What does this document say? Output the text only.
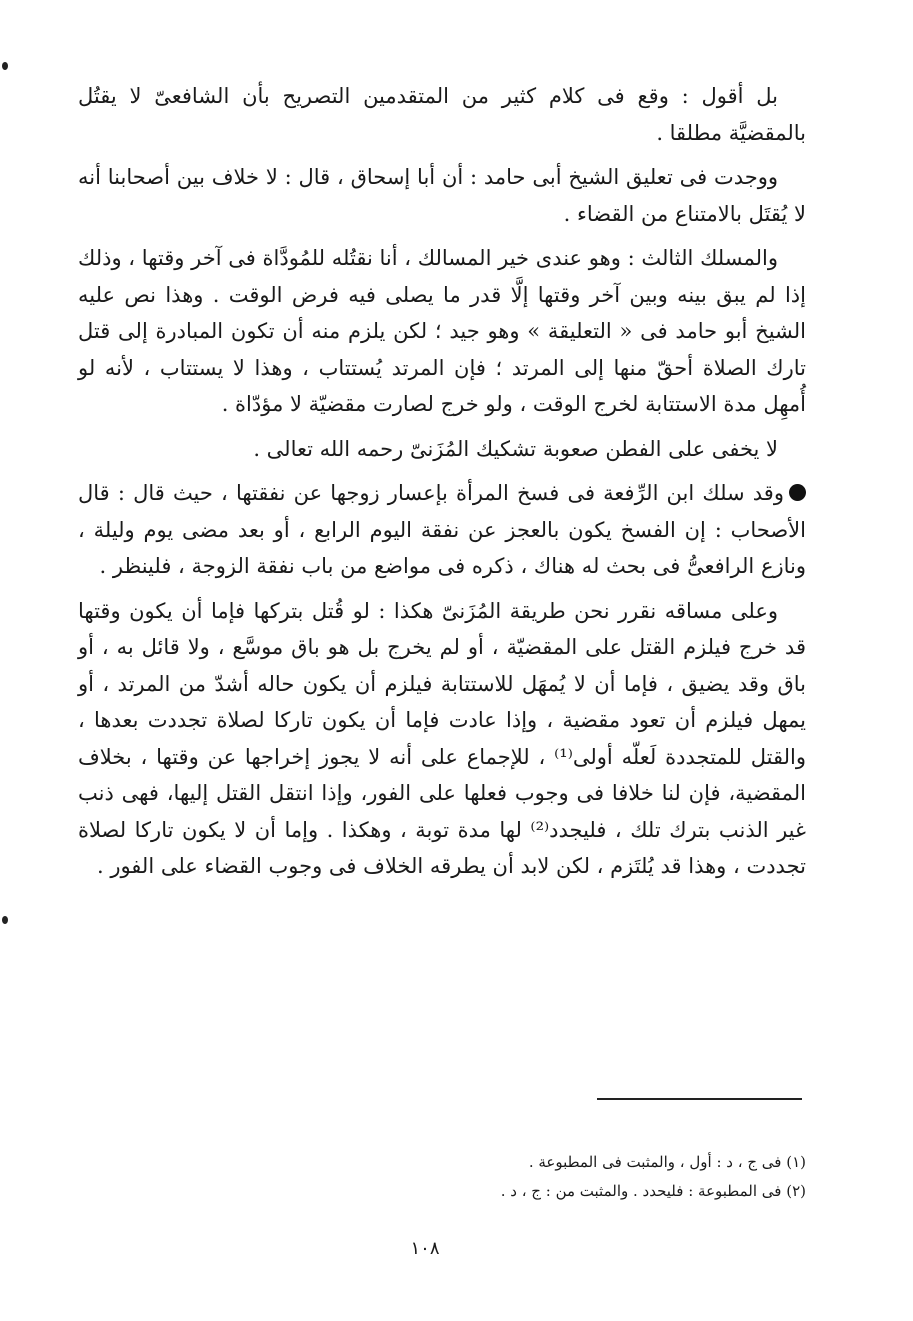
بل أقول : وقع فى كلام كثير من المتقدمين التصريح بأن الشافعىّ لا يقتُل بالمقضيَّة مطلقا .

ووجدت فى تعليق الشيخ أبى حامد : أن أبا إسحاق ، قال : لا خلاف بين أصحابنا أنه لا يُقتَل بالامتناع من القضاء .

والمسلك الثالث : وهو عندى خير المسالك ، أنا نقتُله للمُودَّاة فى آخر وقتها ، وذلك إذا لم يبق بينه وبين آخر وقتها إلَّا قدر ما يصلى فيه فرض الوقت . وهذا نص عليه الشيخ أبو حامد فى « التعليقة » وهو جيد ؛ لكن يلزم منه أن تكون المبادرة إلى قتل تارك الصلاة أحقّ منها إلى المرتد ؛ فإن المرتد يُستتاب ، وهذا لا يستتاب ، لأنه لو أُمهِل مدة الاستتابة لخرج الوقت ، ولو خرج لصارت مقضيّة لا مؤدّاة .

لا يخفى على الفطن صعوبة تشكيك المُزَنىّ رحمه الله تعالى .

وقد سلك ابن الرِّفعة فى فسخ المرأة بإعسار زوجها عن نفقتها ، حيث قال : قال الأصحاب : إن الفسخ يكون بالعجز عن نفقة اليوم الرابع ، أو بعد مضى يوم وليلة ، ونازع الرافعىُّ فى بحث له هناك ، ذكره فى مواضع من باب نفقة الزوجة ، فلينظر .

وعلى مساقه نقرر نحن طريقة المُزَنىّ هكذا : لو قُتل بتركها فإما أن يكون وقتها قد خرج فيلزم القتل على المقضيّة ، أو لم يخرج بل هو باق موسَّع ، ولا قائل به ، أو باق وقد يضيق ، فإما أن لا يُمهَل للاستتابة فيلزم أن يكون حاله أشدّ من المرتد ، أو يمهل فيلزم أن تعود مقضية ، وإذا عادت فإما أن يكون تاركا لصلاة تجددت بعدها ، والقتل للمتجددة لَعلّه أولى⁽¹⁾ ، للإجماع على أنه لا يجوز إخراجها عن وقتها ، بخلاف المقضية، فإن لنا خلافا فى وجوب فعلها على الفور، وإذا انتقل القتل إليها، فهى ذنب غير الذنب بترك تلك ، فليجدد⁽²⁾ لها مدة توبة ، وهكذا . وإما أن لا يكون تاركا لصلاة تجددت ، وهذا قد يُلتَزم ، لكن لابد أن يطرقه الخلاف فى وجوب القضاء على الفور .

(١) فى ج ، د : أول ، والمثبت فى المطبوعة .

(٢) فى المطبوعة : فليحدد . والمثبت من : ج ، د .

١٠٨
